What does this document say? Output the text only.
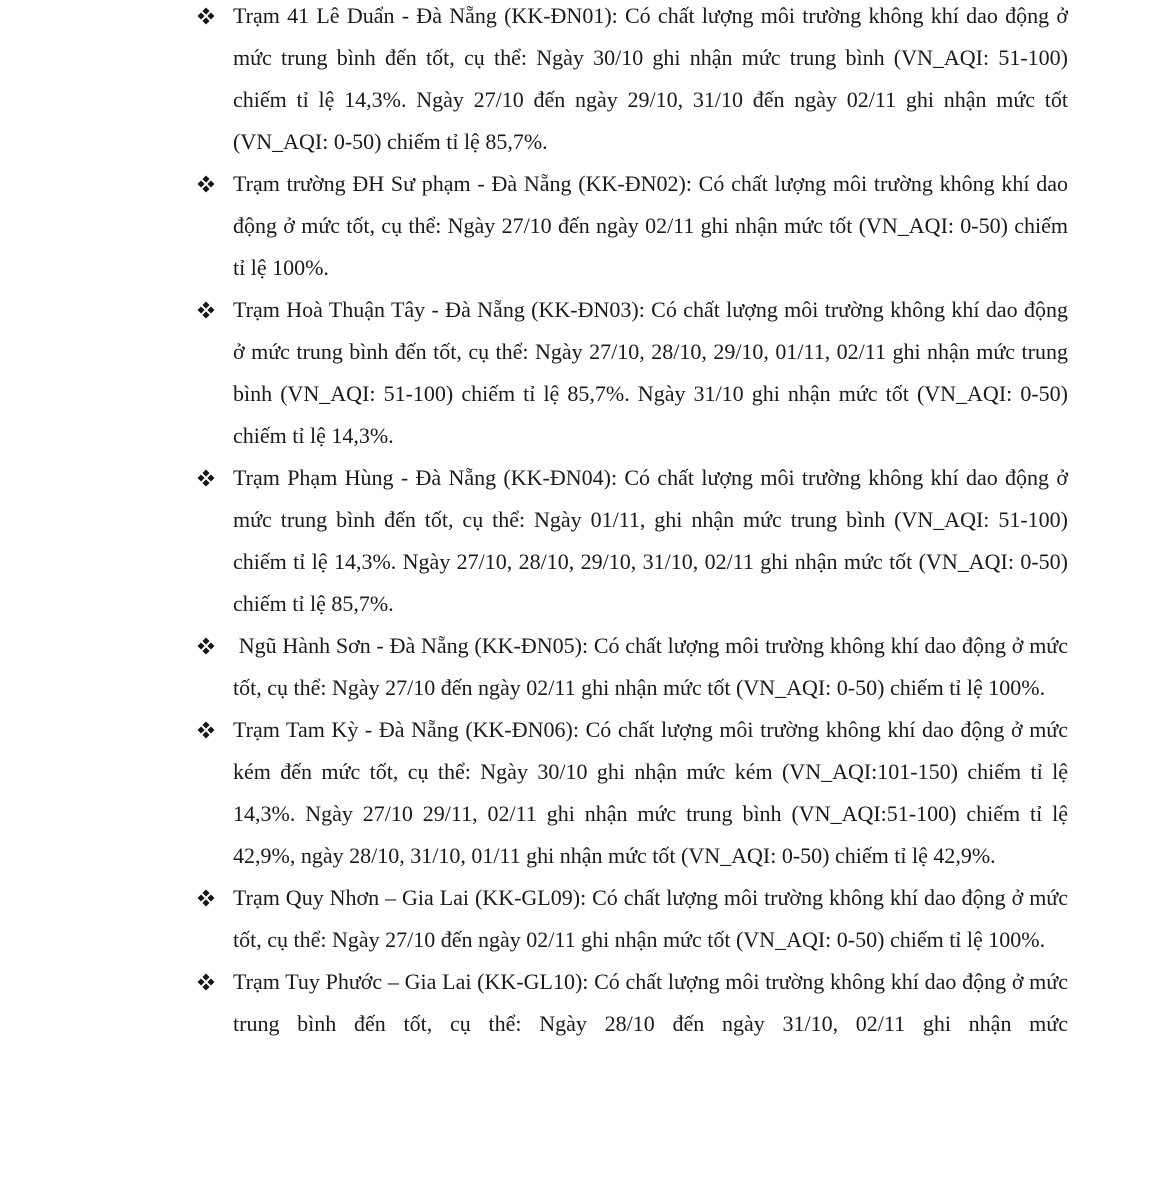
Trạm 41 Lê Duẩn - Đà Nẵng (KK-ĐN01): Có chất lượng môi trường không khí dao động ở mức trung bình đến tốt, cụ thể: Ngày 30/10 ghi nhận mức trung bình (VN_AQI: 51-100) chiếm tỉ lệ 14,3%. Ngày 27/10 đến ngày 29/10, 31/10 đến ngày 02/11 ghi nhận mức tốt (VN_AQI: 0-50) chiếm tỉ lệ 85,7%.
Trạm trường ĐH Sư phạm - Đà Nẵng (KK-ĐN02): Có chất lượng môi trường không khí dao động ở mức tốt, cụ thể: Ngày 27/10 đến ngày 02/11 ghi nhận mức tốt (VN_AQI: 0-50) chiếm tỉ lệ 100%.
Trạm Hoà Thuận Tây - Đà Nẵng (KK-ĐN03): Có chất lượng môi trường không khí dao động ở mức trung bình đến tốt, cụ thể: Ngày 27/10, 28/10, 29/10, 01/11, 02/11 ghi nhận mức trung bình (VN_AQI: 51-100) chiếm tỉ lệ 85,7%. Ngày 31/10 ghi nhận mức tốt (VN_AQI: 0-50) chiếm tỉ lệ 14,3%.
Trạm Phạm Hùng - Đà Nẵng (KK-ĐN04): Có chất lượng môi trường không khí dao động ở mức trung bình đến tốt, cụ thể: Ngày 01/11, ghi nhận mức trung bình (VN_AQI: 51-100) chiếm tỉ lệ 14,3%. Ngày 27/10, 28/10, 29/10, 31/10, 02/11 ghi nhận mức tốt (VN_AQI: 0-50) chiếm tỉ lệ 85,7%.
Ngũ Hành Sơn - Đà Nẵng (KK-ĐN05): Có chất lượng môi trường không khí dao động ở mức tốt, cụ thể: Ngày 27/10 đến ngày 02/11 ghi nhận mức tốt (VN_AQI: 0-50) chiếm tỉ lệ 100%.
Trạm Tam Kỳ - Đà Nẵng (KK-ĐN06): Có chất lượng môi trường không khí dao động ở mức kém đến mức tốt, cụ thể: Ngày 30/10 ghi nhận mức kém (VN_AQI:101-150) chiếm tỉ lệ 14,3%. Ngày 27/10 29/11, 02/11 ghi nhận mức trung bình (VN_AQI:51-100) chiếm tỉ lệ 42,9%, ngày 28/10, 31/10, 01/11 ghi nhận mức tốt (VN_AQI: 0-50) chiếm tỉ lệ 42,9%.
Trạm Quy Nhơn – Gia Lai (KK-GL09): Có chất lượng môi trường không khí dao động ở mức tốt, cụ thể: Ngày 27/10 đến ngày 02/11 ghi nhận mức tốt (VN_AQI: 0-50) chiếm tỉ lệ 100%.
Trạm Tuy Phước – Gia Lai (KK-GL10): Có chất lượng môi trường không khí dao động ở mức trung bình đến tốt, cụ thể: Ngày 28/10 đến ngày 31/10, 02/11 ghi nhận mức
